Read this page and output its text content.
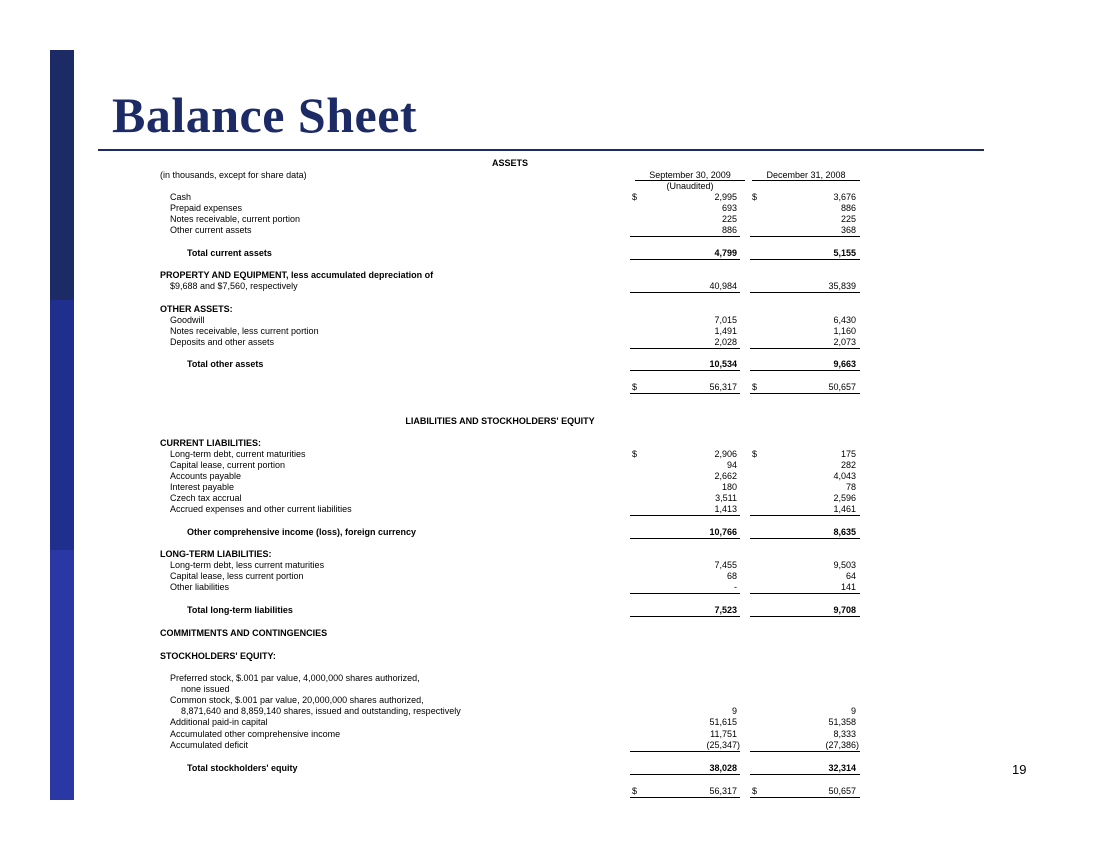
Balance Sheet
19
ASSETS
(in thousands, except for share data)	September 30, 2009	December 31, 2008
(Unaudited)
Cash	$	2,995 $	3,676
Prepaid expenses	693	886
Notes receivable, current portion	225	225
Other current assets	886	368
Total current assets	4,799	5,155
PROPERTY AND EQUIPMENT, less accumulated depreciation of
$9,688 and $7,560, respectively	40,984	35,839
OTHER ASSETS:
Goodwill	7,015	6,430
Notes receivable, less current portion	1,491	1,160
Deposits and other assets	2,028	2,073
Total other assets	10,534	9,663
$	56,317 $	50,657
LIABILITIES AND STOCKHOLDERS' EQUITY
CURRENT LIABILITIES:
Long-term debt, current maturities	$	2,906 $	175
Capital lease, current portion	94	282
Accounts payable	2,662	4,043
Interest payable	180	78
Czech tax accrual	3,511	2,596
Accrued expenses and other current liabilities	1,413	1,461
Other comprehensive income (loss), foreign currency	10,766	8,635
LONG-TERM LIABILITIES:
Long-term debt, less current maturities	7,455	9,503
Capital lease, less current portion	68	64
Other liabilities	-	141
Total long-term liabilities	7,523	9,708
COMMITMENTS AND CONTINGENCIES
STOCKHOLDERS' EQUITY:
Preferred stock, $.001 par value, 4,000,000 shares authorized,
none issued
Common stock, $.001 par value, 20,000,000 shares authorized,
8,871,640 and 8,859,140 shares, issued and outstanding, respectively	9	9
Additional paid-in capital	51,615	51,358
Accumulated other comprehensive income	11,751	8,333
Accumulated deficit	(25,347)	(27,386)
Total stockholders' equity	38,028	32,314
$	56,317 $	50,657
